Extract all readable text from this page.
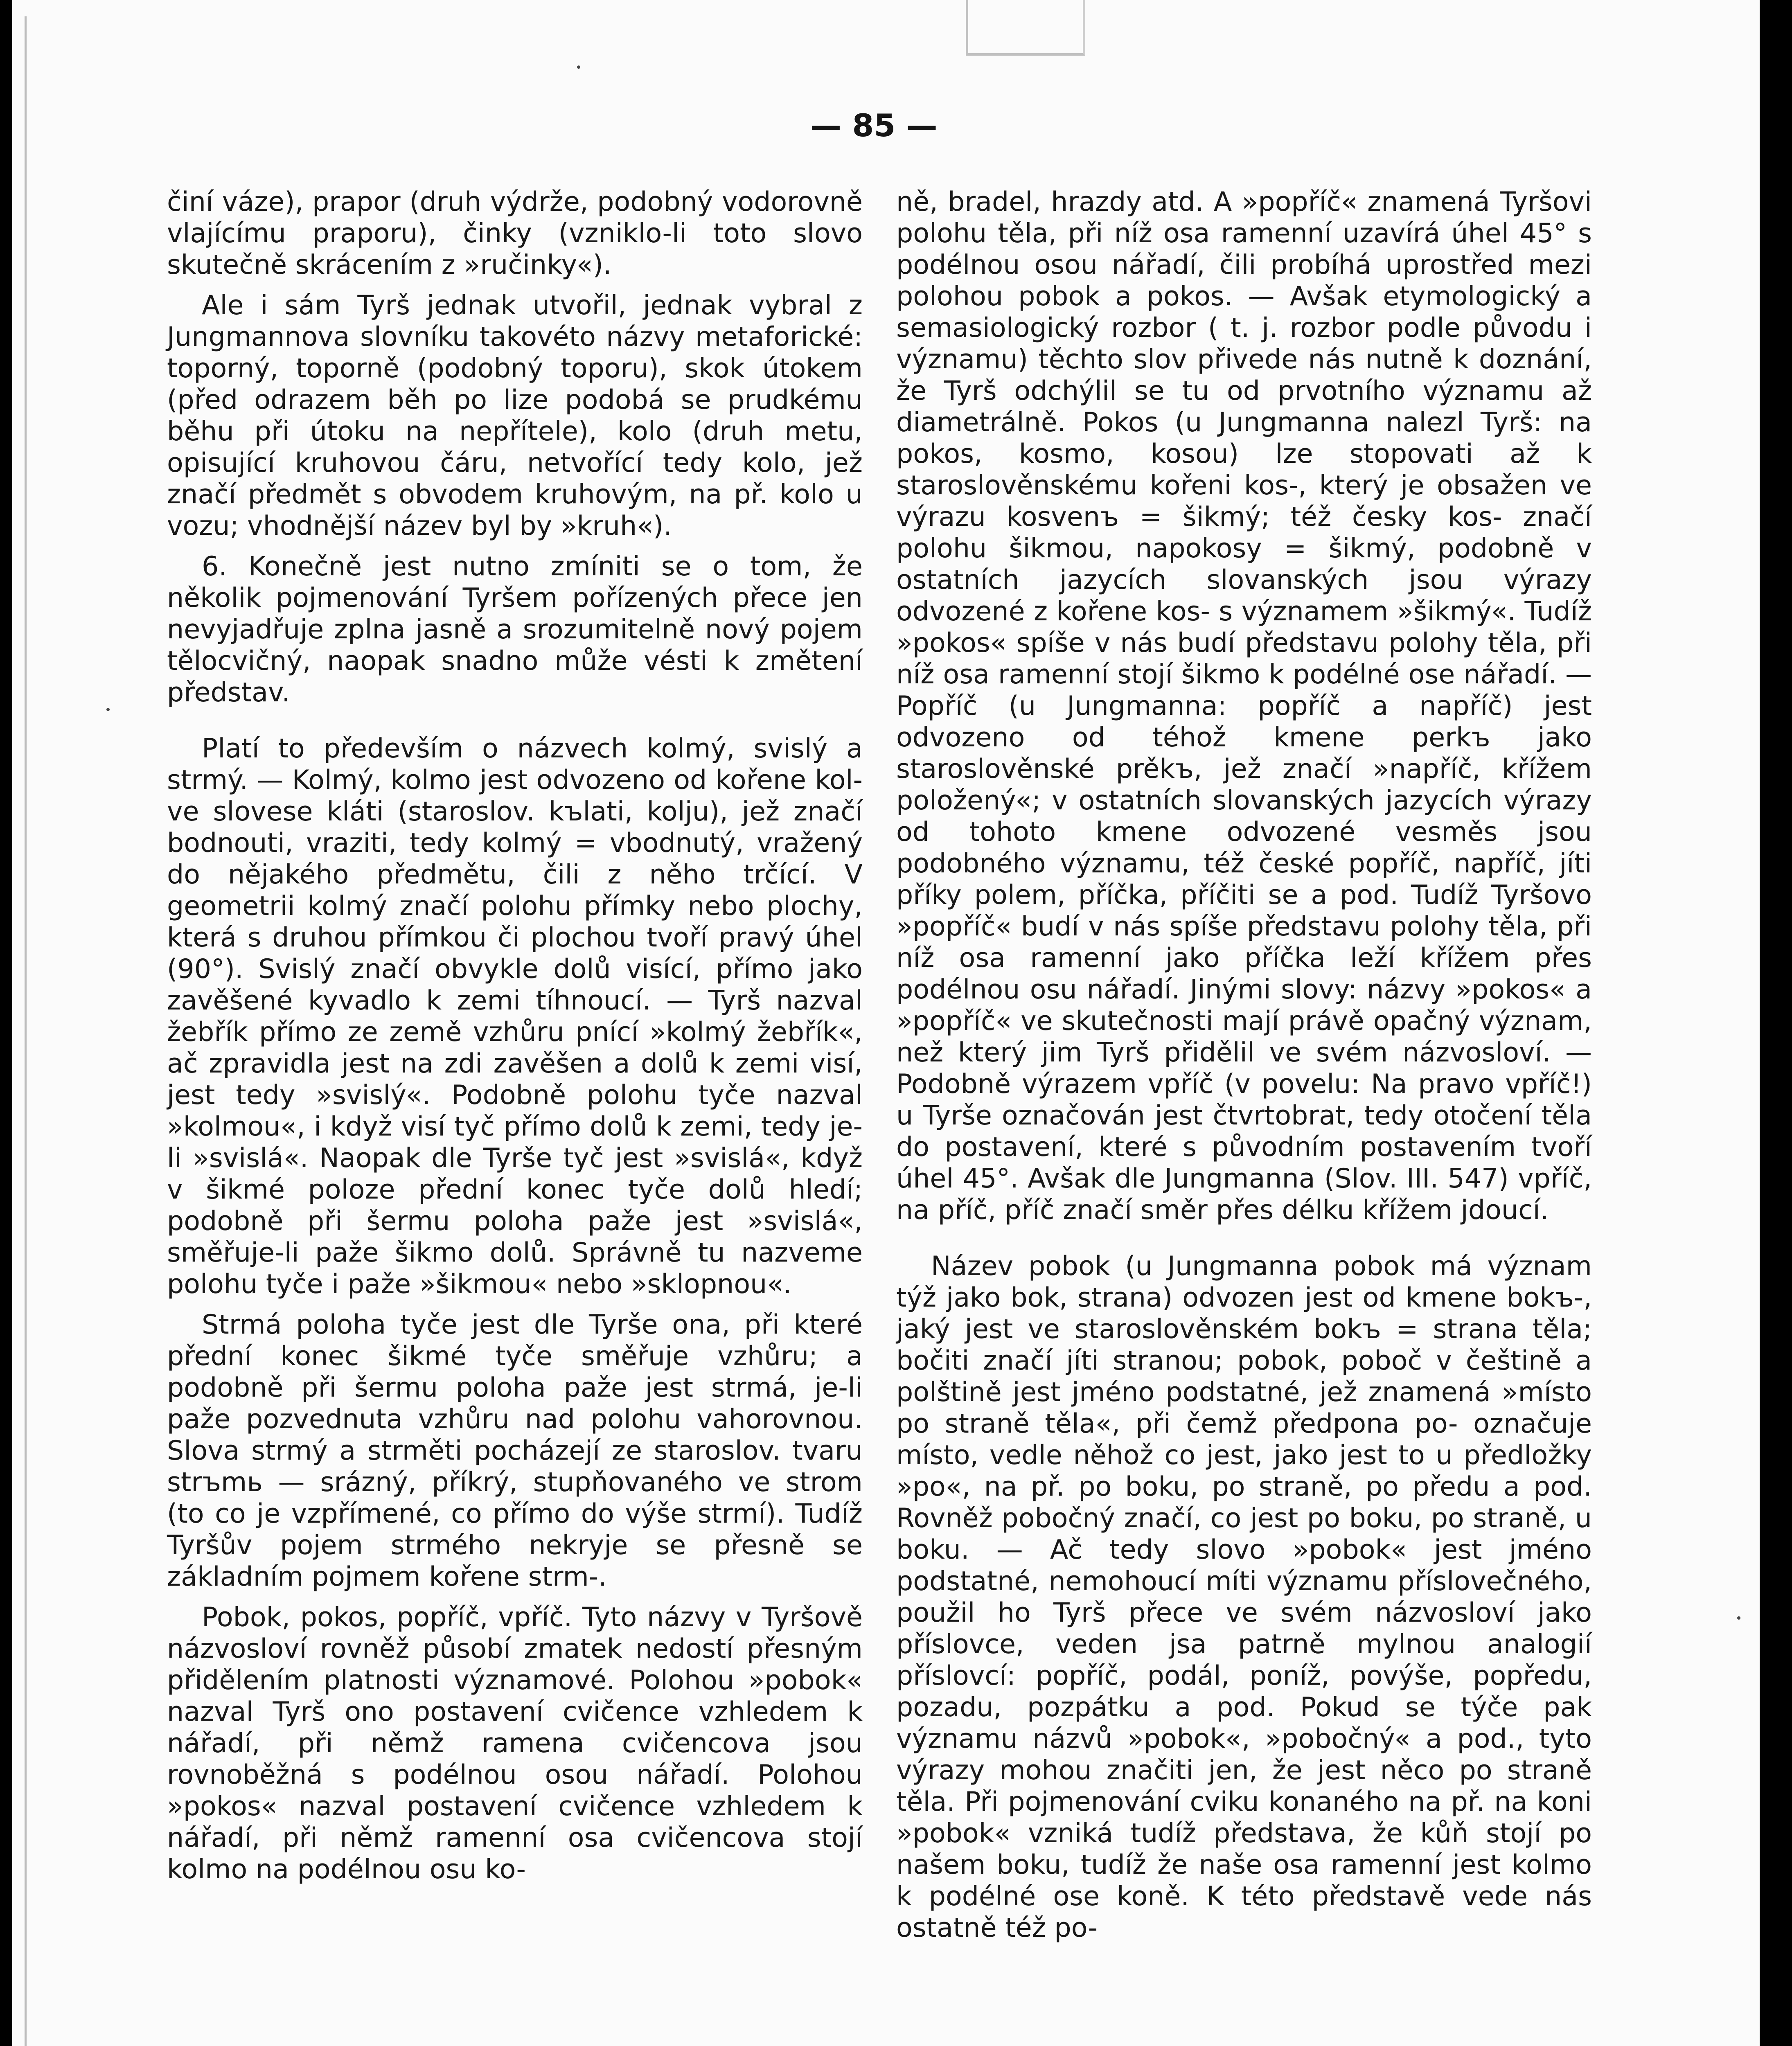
— 85 —

činí váze), prapor (druh výdrže, podobný vodorovně vlajícímu praporu), činky (vzniklo-li toto slovo skutečně skrácením z »ručinky«).

Ale i sám Tyrš jednak utvořil, jednak vybral z Jungmannova slovníku takovéto názvy metaforické: toporný, toporně (podobný toporu), skok útokem (před odrazem běh po lize podobá se prudkému běhu při útoku na nepřítele), kolo (druh metu, opisující kruhovou čáru, netvořící tedy kolo, jež značí předmět s obvodem kruhovým, na př. kolo u vozu; vhodnější název byl by »kruh«).

6. Konečně jest nutno zmíniti se o tom, že několik pojmenování Tyršem pořízených přece jen nevyjadřuje zplna jasně a srozumitelně nový pojem tělocvičný, naopak snadno může vésti k změtení představ.

Platí to především o názvech kolmý, svislý a strmý. — Kolmý, kolmo jest odvozeno od kořene kol- ve slovese kláti (staroslov. kъlati, kolju), jež značí bodnouti, vraziti, tedy kolmý = vbodnutý, vražený do nějakého předmětu, čili z něho trčící. V geometrii kolmý značí polohu přímky nebo plochy, která s druhou přímkou či plochou tvoří pravý úhel (90°). Svislý značí obvykle dolů visící, přímo jako zavěšené kyvadlo k zemi tíhnoucí. — Tyrš nazval žebřík přímo ze země vzhůru pnící »kolmý žebřík«, ač zpravidla jest na zdi zavěšen a dolů k zemi visí, jest tedy »svislý«. Podobně polohu tyče nazval »kolmou«, i když visí tyč přímo dolů k zemi, tedy je-li »svislá«. Naopak dle Tyrše tyč jest »svislá«, když v šikmé poloze přední konec tyče dolů hledí; podobně při šermu poloha paže jest »svislá«, směřuje-li paže šikmo dolů. Správně tu nazveme polohu tyče i paže »šikmou« nebo »sklopnou«.

Strmá poloha tyče jest dle Tyrše ona, při které přední konec šikmé tyče směřuje vzhůru; a podobně při šermu poloha paže jest strmá, je-li paže pozvednuta vzhůru nad polohu vahorovnou. Slova strmý a strměti pocházejí ze staroslov. tvaru strъmь — srázný, příkrý, stupňovaného ve strom (to co je vzpřímené, co přímo do výše strmí). Tudíž Tyršův pojem strmého nekryje se přesně se základním pojmem kořene strm-.

Pobok, pokos, popříč, vpříč. Tyto názvy v Tyršově názvosloví rovněž působí zmatek nedostí přesným přidělením platnosti významové. Polohou »pobok« nazval Tyrš ono postavení cvičence vzhledem k nářadí, při němž ramena cvičencova jsou rovnoběžná s podélnou osou nářadí. Polohou »pokos« nazval postavení cvičence vzhledem k nářadí, při němž ramenní osa cvičencova stojí kolmo na podélnou osu ko-

ně, bradel, hrazdy atd. A »popříč« znamená Tyršovi polohu těla, při níž osa ramenní uzavírá úhel 45° s podélnou osou nářadí, čili probíhá uprostřed mezi polohou pobok a pokos. — Avšak etymologický a semasiologický rozbor ( t. j. rozbor podle původu i významu) těchto slov přivede nás nutně k doznání, že Tyrš odchýlil se tu od prvotního významu až diametrálně. Pokos (u Jungmanna nalezl Tyrš: na pokos, kosmo, kosou) lze stopovati až k staroslověnskému kořeni kos-, který je obsažen ve výrazu kosvenъ = šikmý; též česky kos- značí polohu šikmou, napokosy = šikmý, podobně v ostatních jazycích slovanských jsou výrazy odvozené z kořene kos- s významem »šikmý«. Tudíž »pokos« spíše v nás budí představu polohy těla, při níž osa ramenní stojí šikmo k podélné ose nářadí. — Popříč (u Jungmanna: popříč a napříč) jest odvozeno od téhož kmene perkъ jako staroslověnské prěkъ, jež značí »napříč, křížem položený«; v ostatních slovanských jazycích výrazy od tohoto kmene odvozené vesměs jsou podobného významu, též české popříč, napříč, jíti příky polem, příčka, příčiti se a pod. Tudíž Tyršovo »popříč« budí v nás spíše představu polohy těla, při níž osa ramenní jako příčka leží křížem přes podélnou osu nářadí. Jinými slovy: názvy »pokos« a »popříč« ve skutečnosti mají právě opačný význam, než který jim Tyrš přidělil ve svém názvosloví. — Podobně výrazem vpříč (v povelu: Na pravo vpříč!) u Tyrše označován jest čtvrtobrat, tedy otočení těla do postavení, které s původním postavením tvoří úhel 45°. Avšak dle Jungmanna (Slov. III. 547) vpříč, na příč, příč značí směr přes délku křížem jdoucí.

Název pobok (u Jungmanna pobok má význam týž jako bok, strana) odvozen jest od kmene bokъ-, jaký jest ve staroslověnském bokъ = strana těla; bočiti značí jíti stranou; pobok, poboč v češtině a polštině jest jméno podstatné, jež znamená »místo po straně těla«, při čemž předpona po- označuje místo, vedle něhož co jest, jako jest to u předložky »po«, na př. po boku, po straně, po předu a pod. Rovněž pobočný značí, co jest po boku, po straně, u boku. — Ač tedy slovo »pobok« jest jméno podstatné, nemohoucí míti významu příslovečného, použil ho Tyrš přece ve svém názvosloví jako příslovce, veden jsa patrně mylnou analogií příslovcí: popříč, podál, poníž, povýše, popředu, pozadu, pozpátku a pod. Pokud se týče pak významu názvů »pobok«, »pobočný« a pod., tyto výrazy mohou značiti jen, že jest něco po straně těla. Při pojmenování cviku konaného na př. na koni »pobok« vzniká tudíž představa, že kůň stojí po našem boku, tudíž že naše osa ramenní jest kolmo k podélné ose koně. K této představě vede nás ostatně též po-
